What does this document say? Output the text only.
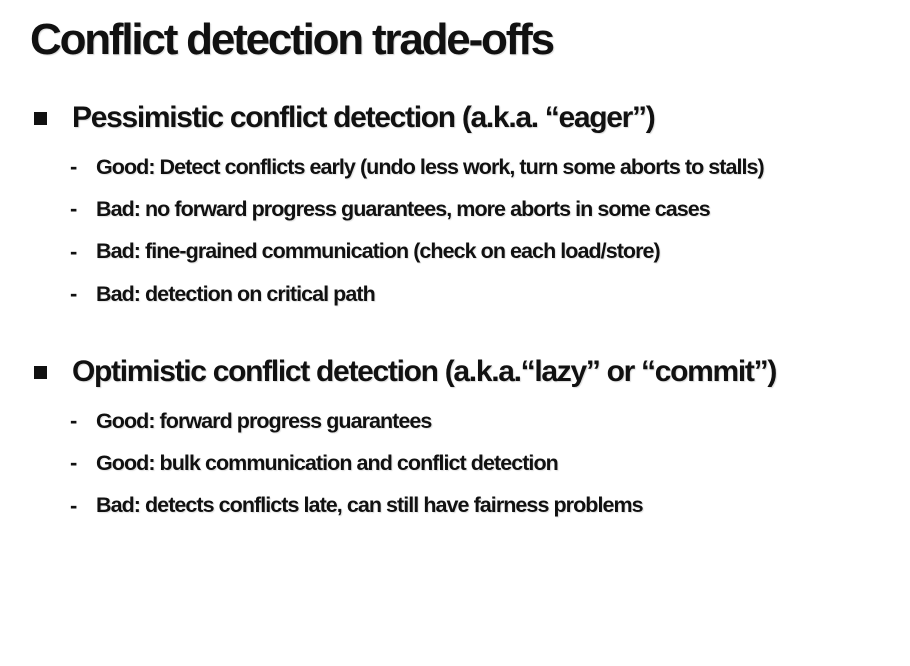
Conflict detection trade-offs
Pessimistic conflict detection (a.k.a. “eager”)
- Good: Detect conflicts early (undo less work, turn some aborts to stalls)
- Bad: no forward progress guarantees, more aborts in some cases
- Bad: fine-grained communication (check on each load/store)
- Bad: detection on critical path
Optimistic conflict detection (a.k.a.“lazy” or “commit”)
- Good: forward progress guarantees
- Good: bulk communication and conflict detection
- Bad: detects conflicts late, can still have fairness problems
